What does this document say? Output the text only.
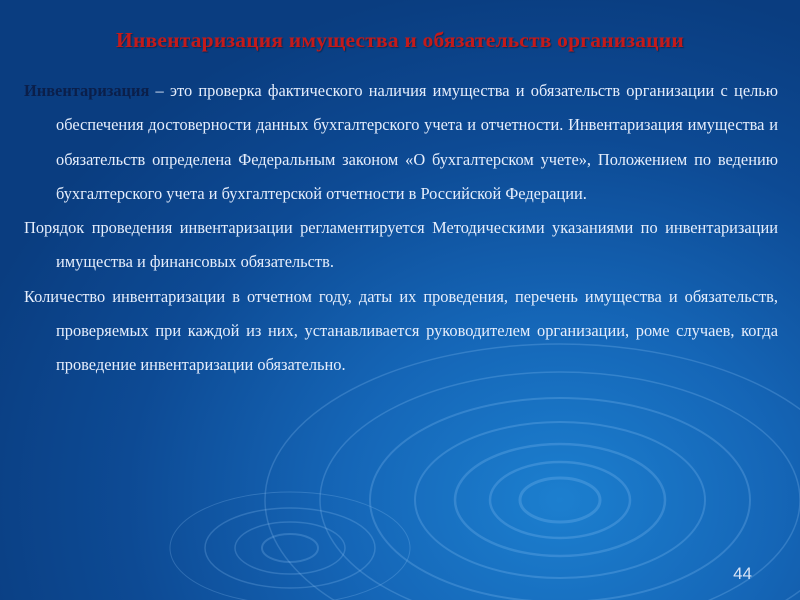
Инвентаризация имущества и обязательств организации

Инвентаризация – это проверка фактического наличия имущества и обязательств организации с целью обеспечения достоверности данных бухгалтерского учета и отчетности. Инвентаризация имущества и обязательств определена Федеральным законом «О бухгалтерском учете», Положением по ведению бухгалтерского учета и бухгалтерской отчетности в Российской Федерации.

Порядок проведения инвентаризации регламентируется Методическими указаниями по инвентаризации имущества и финансовых обязательств.

Количество инвентаризации в отчетном году, даты их проведения, перечень имущества и обязательств, проверяемых при каждой из них, устанавливается руководителем организации, роме случаев, когда проведение инвентаризации обязательно.

44
